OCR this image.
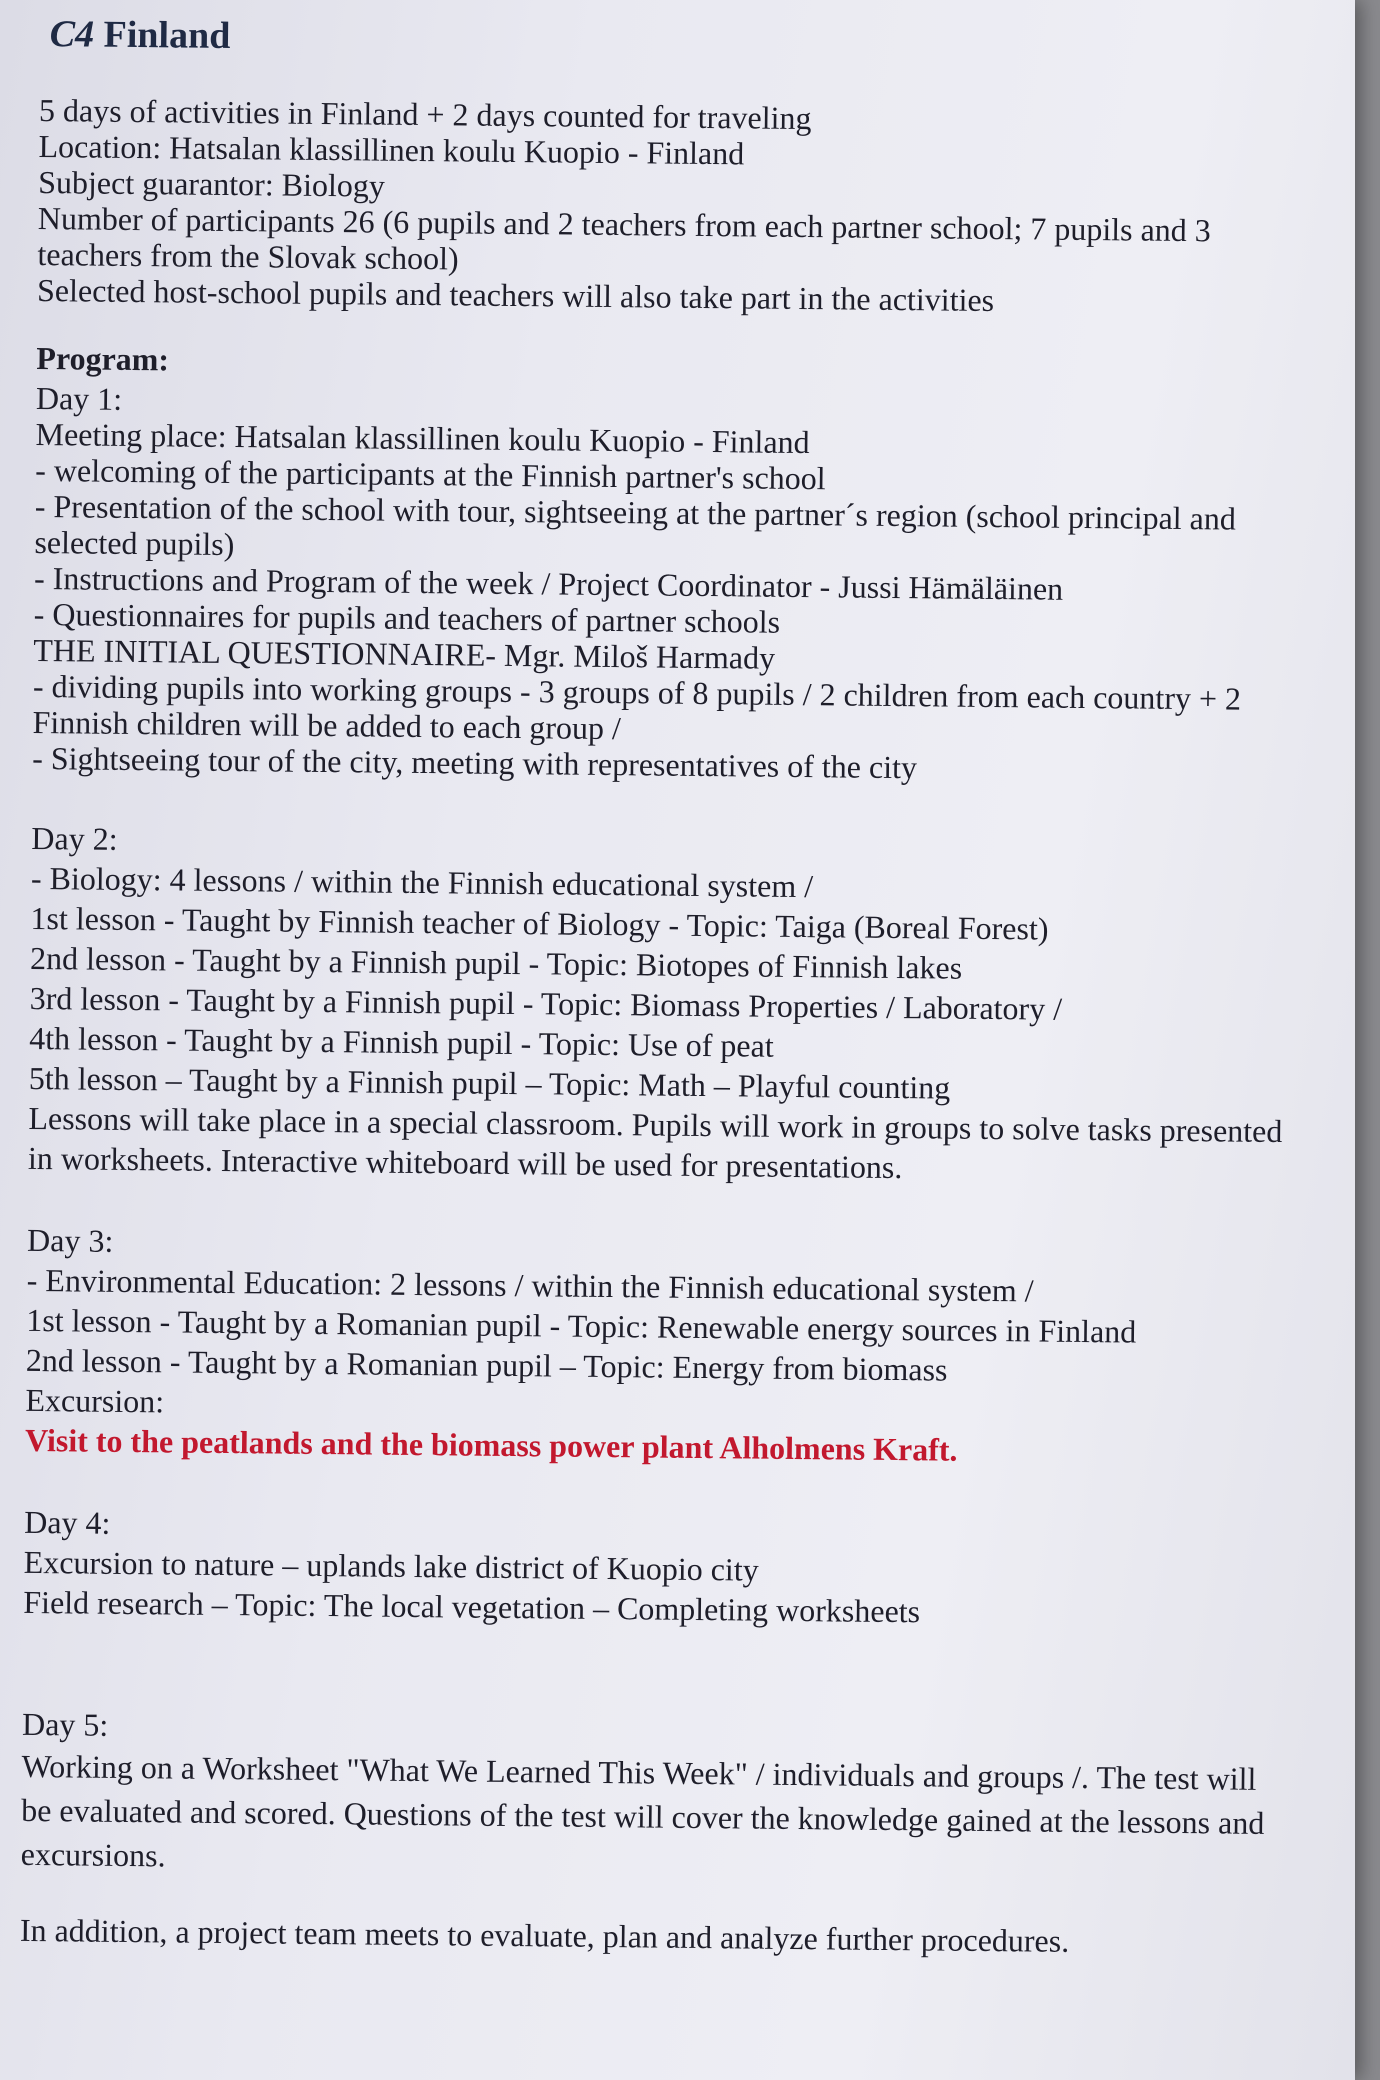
C4 Finland

5 days of activities in Finland + 2 days counted for traveling

Location: Hatsalan klassillinen koulu Kuopio - Finland

Subject guarantor: Biology

Number of participants 26 (6 pupils and 2 teachers from each partner school; 7 pupils and 3 teachers from the Slovak school)

Selected host-school pupils and teachers will also take part in the activities

Program:

Day 1:

Meeting place: Hatsalan klassillinen koulu Kuopio - Finland

- welcoming of the participants at the Finnish partner's school

- Presentation of the school with tour, sightseeing at the partner´s region (school principal and selected pupils)

- Instructions and Program of the week / Project Coordinator - Jussi Hämäläinen

- Questionnaires for pupils and teachers of partner schools

THE INITIAL QUESTIONNAIRE- Mgr. Miloš Harmady

- dividing pupils into working groups - 3 groups of 8 pupils / 2 children from each country + 2 Finnish children will be added to each group /

- Sightseeing tour of the city, meeting with representatives of the city

Day 2:

- Biology: 4 lessons / within the Finnish educational system /

1st lesson - Taught by Finnish teacher of Biology - Topic: Taiga (Boreal Forest)

2nd lesson - Taught by a Finnish pupil - Topic: Biotopes of Finnish lakes

3rd lesson - Taught by a Finnish pupil - Topic: Biomass Properties / Laboratory /

4th lesson - Taught by a Finnish pupil - Topic: Use of peat

5th lesson – Taught by a Finnish pupil – Topic: Math – Playful counting

Lessons will take place in a special classroom. Pupils will work in groups to solve tasks presented in worksheets. Interactive whiteboard will be used for presentations.

Day 3:

- Environmental Education: 2 lessons / within the Finnish educational system /

1st lesson - Taught by a Romanian pupil - Topic: Renewable energy sources in Finland

2nd lesson - Taught by a Romanian pupil – Topic: Energy from biomass

Excursion:

Visit to the peatlands and the biomass power plant Alholmens Kraft.

Day 4:

Excursion to nature – uplands lake district of Kuopio city

Field research – Topic: The local vegetation – Completing worksheets

Day 5:

Working on a Worksheet "What We Learned This Week" / individuals and groups /. The test will be evaluated and scored. Questions of the test will cover the knowledge gained at the lessons and excursions.

In addition, a project team meets to evaluate, plan and analyze further procedures.
